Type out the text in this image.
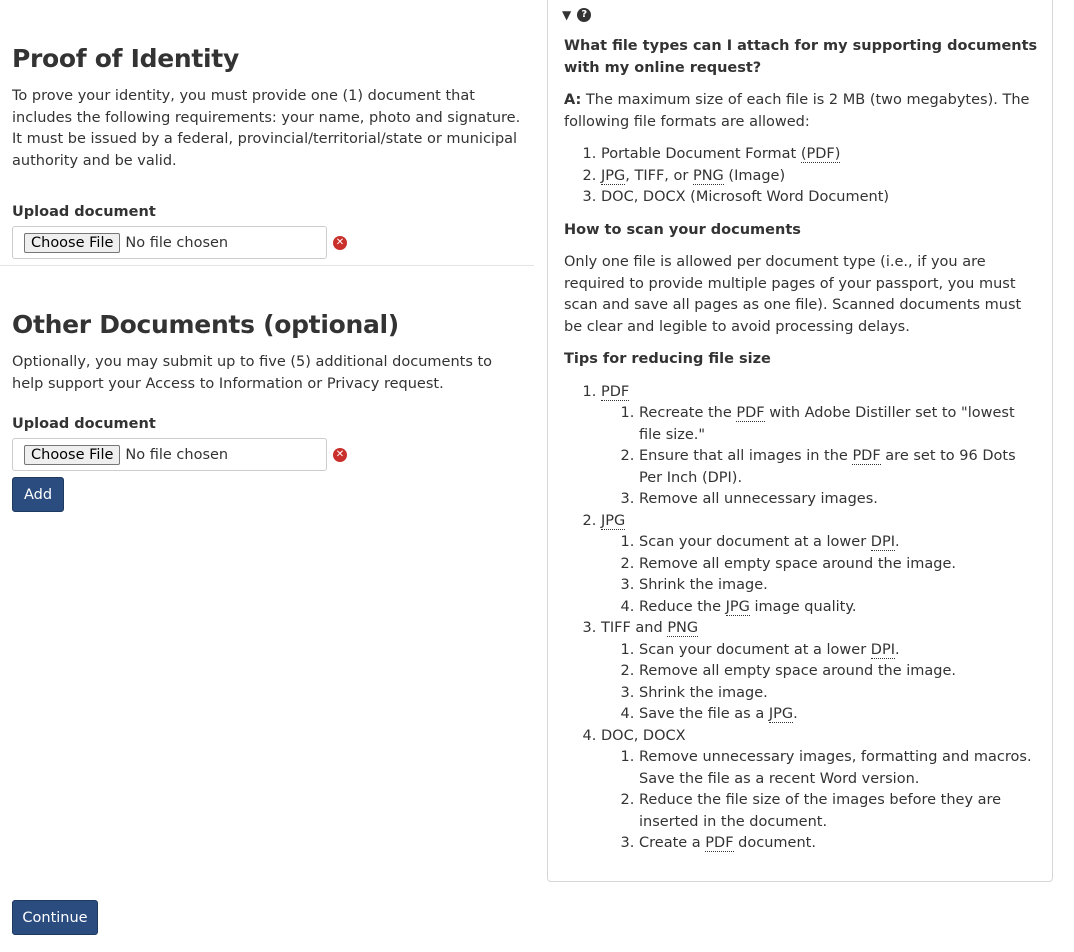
Proof of Identity

To prove your identity, you must provide one (1) document that includes the following requirements: your name, photo and signature. It must be issued by a federal, provincial/territorial/state or municipal authority and be valid.

Upload document
Choose File No file chosen	✕
Other Documents (optional)

Optionally, you may submit up to five (5) additional documents to help support your Access to Information or Privacy request.

Upload document
Choose File No file chosen	✕
Add
Continue
▼	?

What file types can I attach for my supporting documents with my online request?

A: The maximum size of each file is 2 MB (two megabytes). The following file formats are allowed:

1. Portable Document Format (PDF)
2. JPG, TIFF, or PNG (Image)
3. DOC, DOCX (Microsoft Word Document)
How to scan your documents

Only one file is allowed per document type (i.e., if you are required to provide multiple pages of your passport, you must scan and save all pages as one file). Scanned documents must be clear and legible to avoid processing delays.

Tips for reducing file size
1. PDF
1. Recreate the PDF with Adobe Distiller set to "lowest file size."
2. Ensure that all images in the PDF are set to 96 Dots Per Inch (DPI).
3. Remove all unnecessary images.
2. JPG
1. Scan your document at a lower DPI.
2. Remove all empty space around the image.
3. Shrink the image.
4. Reduce the JPG image quality.
3. TIFF and PNG
1. Scan your document at a lower DPI.
2. Remove all empty space around the image.
3. Shrink the image.
4. Save the file as a JPG.
4. DOC, DOCX
1. Remove unnecessary images, formatting and macros. Save the file as a recent Word version.
2. Reduce the file size of the images before they are inserted in the document.
3. Create a PDF document.
